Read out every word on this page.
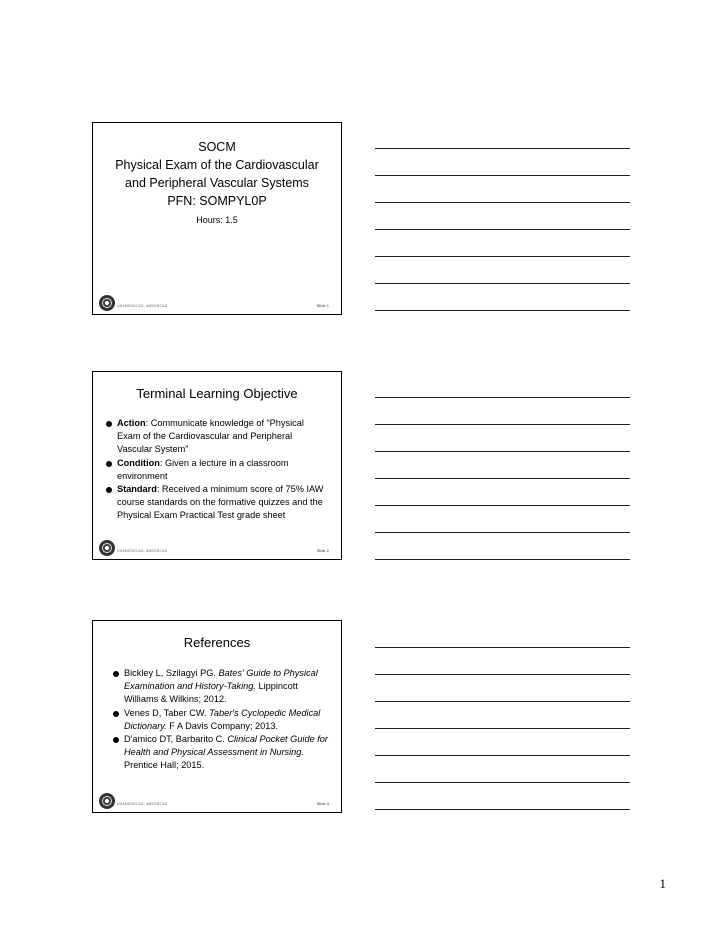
SOCM
Physical Exam of the Cardiovascular
and Peripheral Vascular Systems
PFN: SOMPYL0P
Hours: 1.5
USAMEDDC&S, AMEDDC&S	Slide 1
Terminal Learning Objective
Action: Communicate knowledge of “Physical Exam of the Cardiovascular and Peripheral Vascular System”
Condition: Given a lecture in a classroom environment
Standard: Received a minimum score of 75% IAW course standards on the formative quizzes and the Physical Exam Practical Test grade sheet
USAMEDDC&S, AMEDDC&S	Slide 2
References
Bickley L, Szilagyi PG. Bates' Guide to Physical Examination and History-Taking. Lippincott Williams & Wilkins; 2012.
Venes D, Taber CW. Taber's Cyclopedic Medical Dictionary. F A Davis Company; 2013.
D'amico DT, Barbarito C. Clinical Pocket Guide for Health and Physical Assessment in Nursing. Prentice Hall; 2015.
USAMEDDC&S, AMEDDC&S	Slide 3
1
